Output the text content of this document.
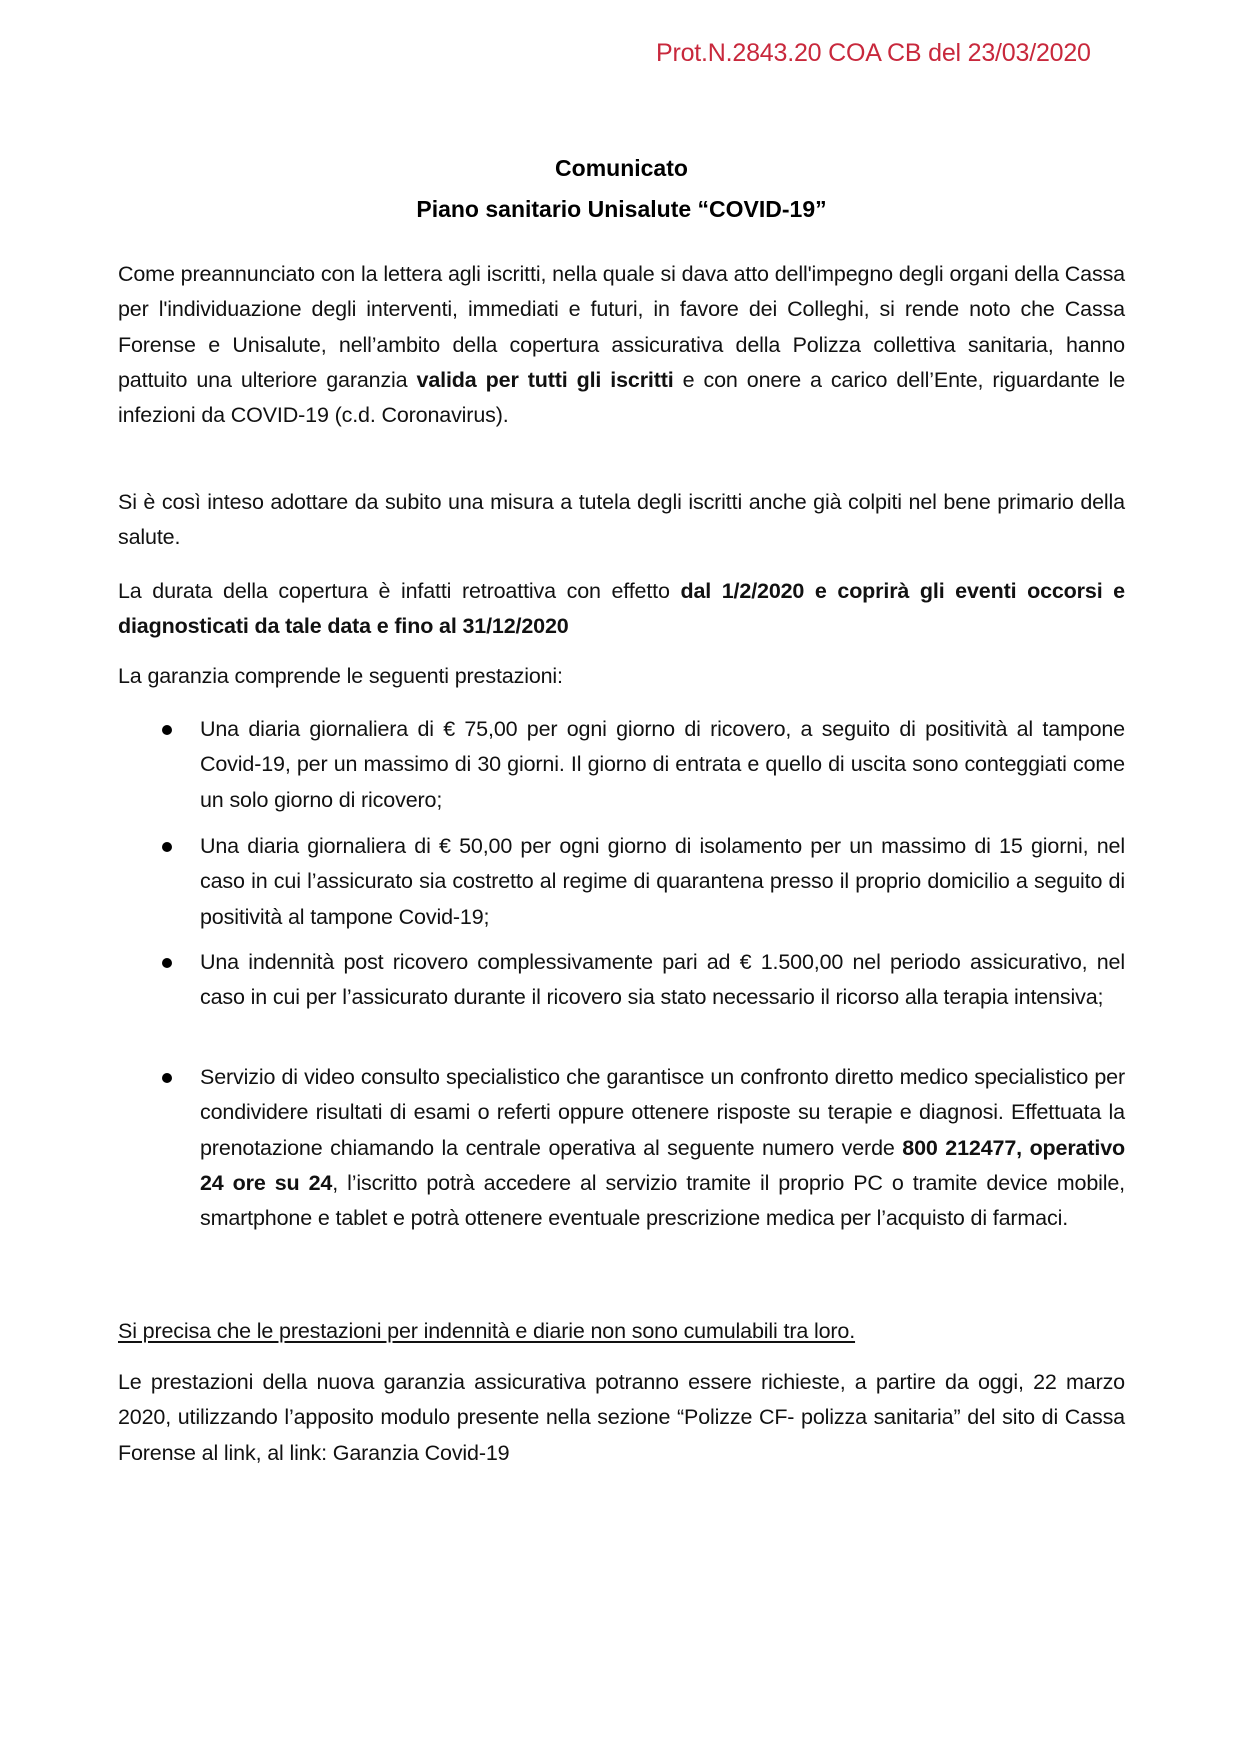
Prot.N.2843.20 COA CB del 23/03/2020
Comunicato
Piano sanitario Unisalute “COVID-19”
Come preannunciato con la lettera agli iscritti, nella quale si dava atto dell'impegno degli organi della Cassa per l'individuazione degli interventi, immediati e futuri, in favore dei Colleghi, si rende noto che Cassa Forense e Unisalute, nell’ambito della copertura assicurativa della Polizza collettiva sanitaria, hanno pattuito una ulteriore garanzia valida per tutti gli iscritti e con onere a carico dell’Ente, riguardante le infezioni da COVID-19 (c.d. Coronavirus).
Si è così inteso adottare da subito una misura a tutela degli iscritti anche già colpiti nel bene primario della salute.
La durata della copertura è infatti retroattiva con effetto dal 1/2/2020 e coprirà gli eventi occorsi e diagnosticati da tale data e fino al 31/12/2020
La garanzia comprende le seguenti prestazioni:
Una diaria giornaliera di € 75,00 per ogni giorno di ricovero, a seguito di positività al tampone Covid-19, per un massimo di 30 giorni. Il giorno di entrata e quello di uscita sono conteggiati come un solo giorno di ricovero;
Una diaria giornaliera di € 50,00 per ogni giorno di isolamento per un massimo di 15 giorni, nel caso in cui l’assicurato sia costretto al regime di quarantena presso il proprio domicilio a seguito di positività al tampone Covid-19;
Una indennità post ricovero complessivamente pari ad € 1.500,00 nel periodo assicurativo, nel caso in cui per l’assicurato durante il ricovero sia stato necessario il ricorso alla terapia intensiva;
Servizio di video consulto specialistico che garantisce un confronto diretto medico specialistico per condividere risultati di esami o referti oppure ottenere risposte su terapie e diagnosi. Effettuata la prenotazione chiamando la centrale operativa al seguente numero verde 800 212477, operativo 24 ore su 24, l’iscritto potrà accedere al servizio tramite il proprio PC o tramite device mobile, smartphone e tablet e potrà ottenere eventuale prescrizione medica per l’acquisto di farmaci.
Si precisa che le prestazioni per indennità e diarie non sono cumulabili tra loro.
Le prestazioni della nuova garanzia assicurativa potranno essere richieste, a partire da oggi, 22 marzo 2020, utilizzando l’apposito modulo presente nella sezione “Polizze CF- polizza sanitaria” del sito di Cassa Forense al link, al link: Garanzia Covid-19
